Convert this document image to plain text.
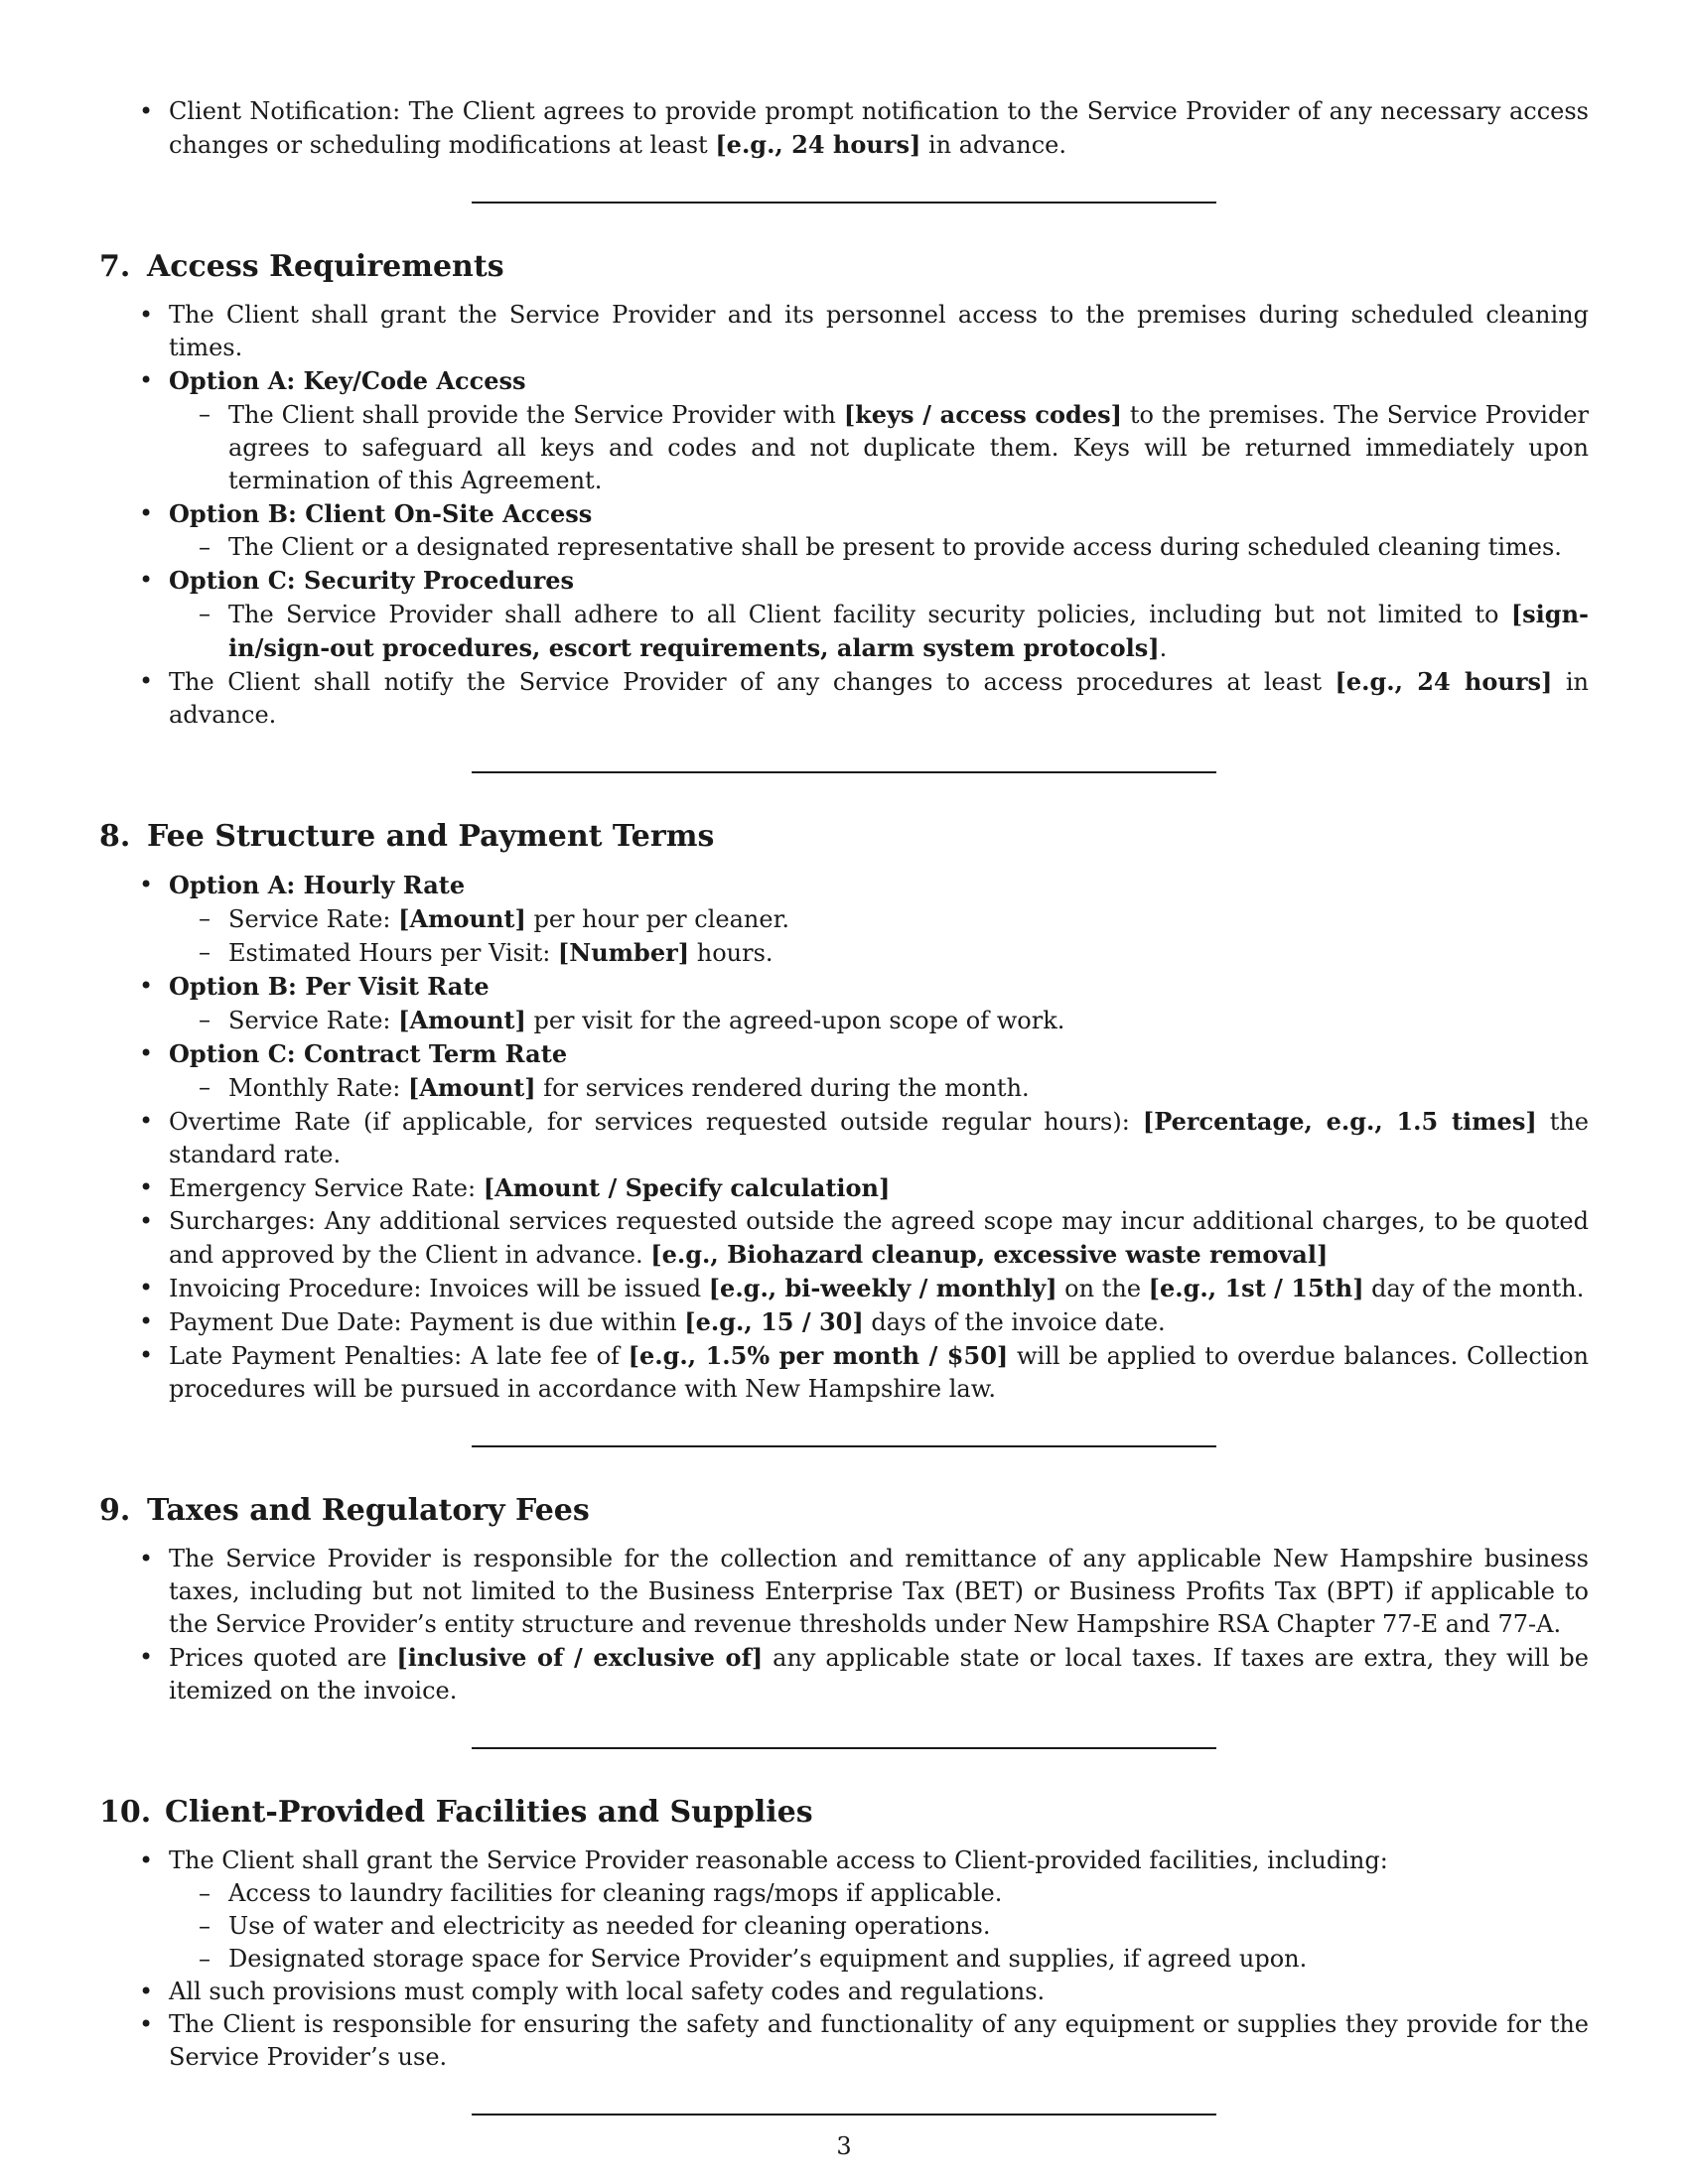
• Client Notification: The Client agrees to provide prompt notification to the Service Provider of any necessary access changes or scheduling modifications at least [e.g., 24 hours] in advance.
7. Access Requirements
• The Client shall grant the Service Provider and its personnel access to the premises during scheduled cleaning times.
• Option A: Key/Code Access
– The Client shall provide the Service Provider with [keys / access codes] to the premises. The Service Provider agrees to safeguard all keys and codes and not duplicate them. Keys will be returned immediately upon termination of this Agreement.
• Option B: Client On-Site Access
– The Client or a designated representative shall be present to provide access during scheduled cleaning times.
• Option C: Security Procedures
– The Service Provider shall adhere to all Client facility security policies, including but not limited to [sign-in/sign-out procedures, escort requirements, alarm system protocols].
• The Client shall notify the Service Provider of any changes to access procedures at least [e.g., 24 hours] in advance.
8. Fee Structure and Payment Terms
• Option A: Hourly Rate
– Service Rate: [Amount] per hour per cleaner.
– Estimated Hours per Visit: [Number] hours.
• Option B: Per Visit Rate
– Service Rate: [Amount] per visit for the agreed-upon scope of work.
• Option C: Contract Term Rate
– Monthly Rate: [Amount] for services rendered during the month.
• Overtime Rate (if applicable, for services requested outside regular hours): [Percentage, e.g., 1.5 times] the standard rate.
• Emergency Service Rate: [Amount / Specify calculation]
• Surcharges: Any additional services requested outside the agreed scope may incur additional charges, to be quoted and approved by the Client in advance. [e.g., Biohazard cleanup, excessive waste removal]
• Invoicing Procedure: Invoices will be issued [e.g., bi-weekly / monthly] on the [e.g., 1st / 15th] day of the month.
• Payment Due Date: Payment is due within [e.g., 15 / 30] days of the invoice date.
• Late Payment Penalties: A late fee of [e.g., 1.5% per month / $50] will be applied to overdue balances. Collection procedures will be pursued in accordance with New Hampshire law.
9. Taxes and Regulatory Fees
• The Service Provider is responsible for the collection and remittance of any applicable New Hampshire business taxes, including but not limited to the Business Enterprise Tax (BET) or Business Profits Tax (BPT) if applicable to the Service Provider’s entity structure and revenue thresholds under New Hampshire RSA Chapter 77-E and 77-A.
• Prices quoted are [inclusive of / exclusive of] any applicable state or local taxes. If taxes are extra, they will be itemized on the invoice.
10. Client-Provided Facilities and Supplies
• The Client shall grant the Service Provider reasonable access to Client-provided facilities, including:
– Access to laundry facilities for cleaning rags/mops if applicable.
– Use of water and electricity as needed for cleaning operations.
– Designated storage space for Service Provider’s equipment and supplies, if agreed upon.
• All such provisions must comply with local safety codes and regulations.
• The Client is responsible for ensuring the safety and functionality of any equipment or supplies they provide for the Service Provider’s use.
3
